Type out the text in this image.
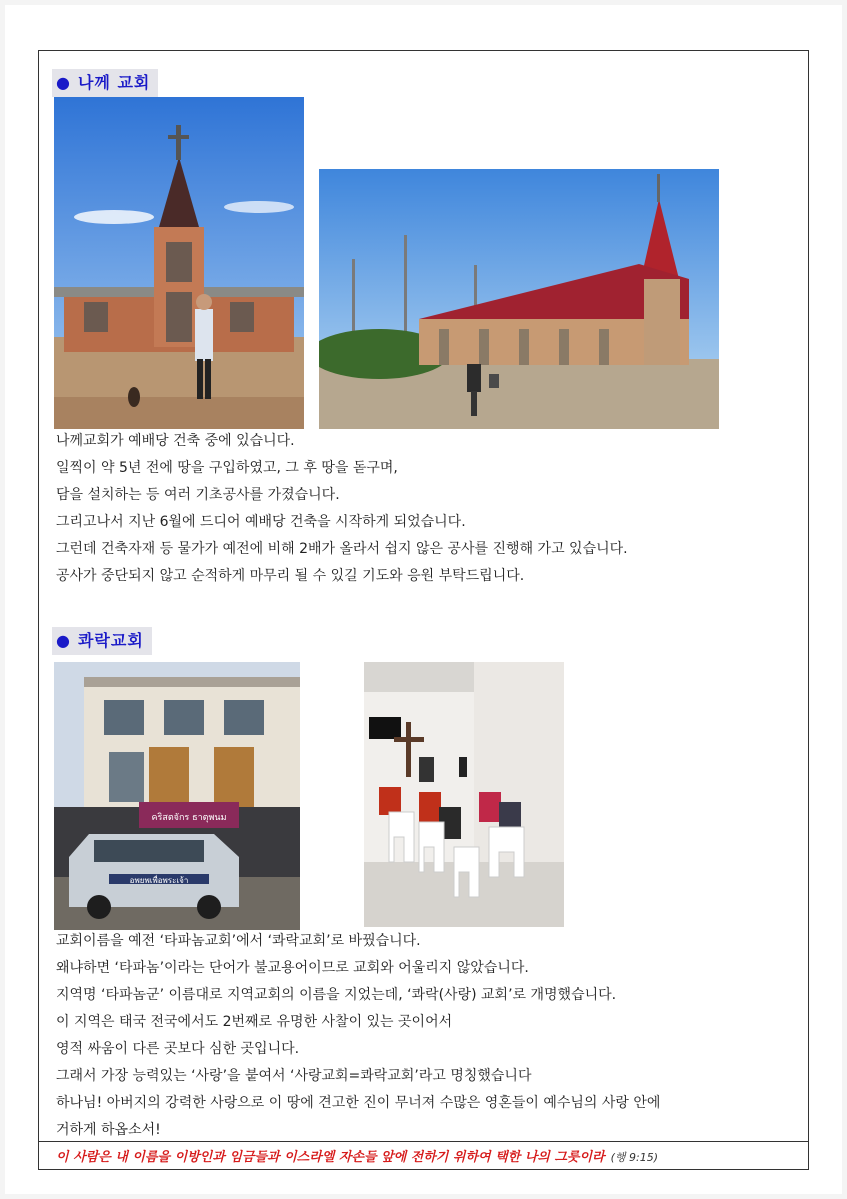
● 나께 교회

나께교회가 예배당 건축 중에 있습니다.

일찍이 약 5년 전에 땅을 구입하였고, 그 후 땅을 돋구며,

담을 설치하는 등 여러 기초공사를 가졌습니다.

그리고나서 지난 6월에 드디어 예배당 건축을 시작하게 되었습니다.

그런데 건축자재 등 물가가 예전에 비해 2배가 올라서 쉽지 않은 공사를 진행해 가고 있습니다.

공사가 중단되지 않고 순적하게 마무리 될 수 있길 기도와 응원 부탁드립니다.

● 콰락교회
คริสตจักร ธาตุพนม
อพยพเพื่อพระเจ้า

교회이름을 예전 ‘타파놈교회’에서 ‘콰락교회’로 바꿨습니다.

왜냐하면 ‘타파놈’이라는 단어가 불교용어이므로 교회와 어울리지 않았습니다.

지역명 ‘타파놈군’ 이름대로 지역교회의 이름을 지었는데, ‘콰락(사랑) 교회’로 개명했습니다.

이 지역은 태국 전국에서도 2번째로 유명한 사찰이 있는 곳이어서

영적 싸움이 다른 곳보다 심한 곳입니다.

그래서 가장 능력있는 ‘사랑’을 붙여서 ‘사랑교회=콰락교회’라고 명칭했습니다

하나님! 아버지의 강력한 사랑으로 이 땅에 견고한 진이 무너져 수많은 영혼들이 예수님의 사랑 안에

거하게 하옵소서!

이 사람은 내 이름을 이방인과 임금들과 이스라엘 자손들 앞에 전하기 위하여 택한 나의 그릇이라 (행 9:15)
